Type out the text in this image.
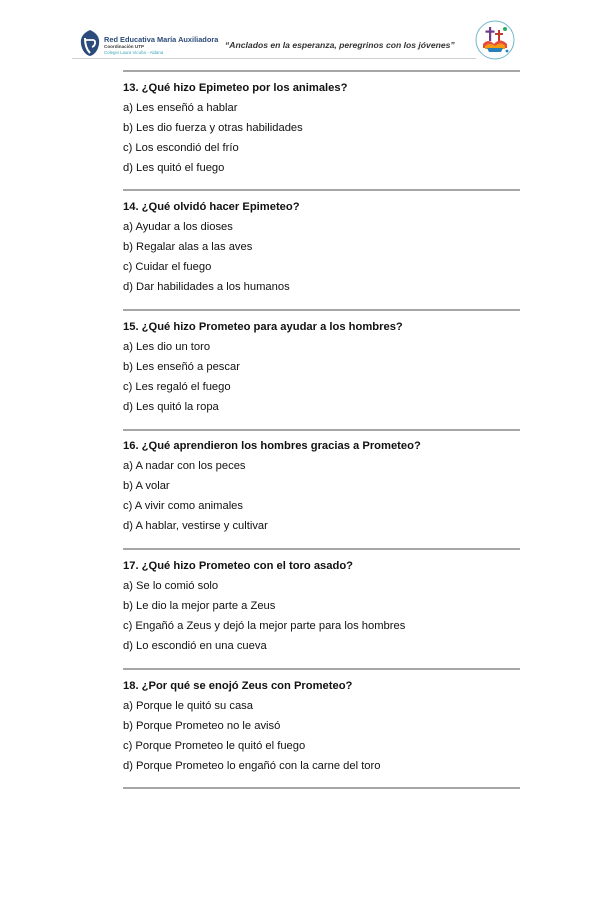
Red Educativa María Auxiliadora
Coordinación UTP
Colegio Laura Vicuña - Aldana
“Anclados en la esperanza, peregrinos con los jóvenes”
13. ¿Qué hizo Epimeteo por los animales?
a) Les enseñó a hablar
b) Les dio fuerza y otras habilidades
c) Los escondió del frío
d) Les quitó el fuego
14. ¿Qué olvidó hacer Epimeteo?
a) Ayudar a los dioses
b) Regalar alas a las aves
c) Cuidar el fuego
d) Dar habilidades a los humanos
15. ¿Qué hizo Prometeo para ayudar a los hombres?
a) Les dio un toro
b) Les enseñó a pescar
c) Les regaló el fuego
d) Les quitó la ropa
16. ¿Qué aprendieron los hombres gracias a Prometeo?
a) A nadar con los peces
b) A volar
c) A vivir como animales
d) A hablar, vestirse y cultivar
17. ¿Qué hizo Prometeo con el toro asado?
a) Se lo comió solo
b) Le dio la mejor parte a Zeus
c) Engañó a Zeus y dejó la mejor parte para los hombres
d) Lo escondió en una cueva
18. ¿Por qué se enojó Zeus con Prometeo?
a) Porque le quitó su casa
b) Porque Prometeo no le avisó
c) Porque Prometeo le quitó el fuego
d) Porque Prometeo lo engañó con la carne del toro
